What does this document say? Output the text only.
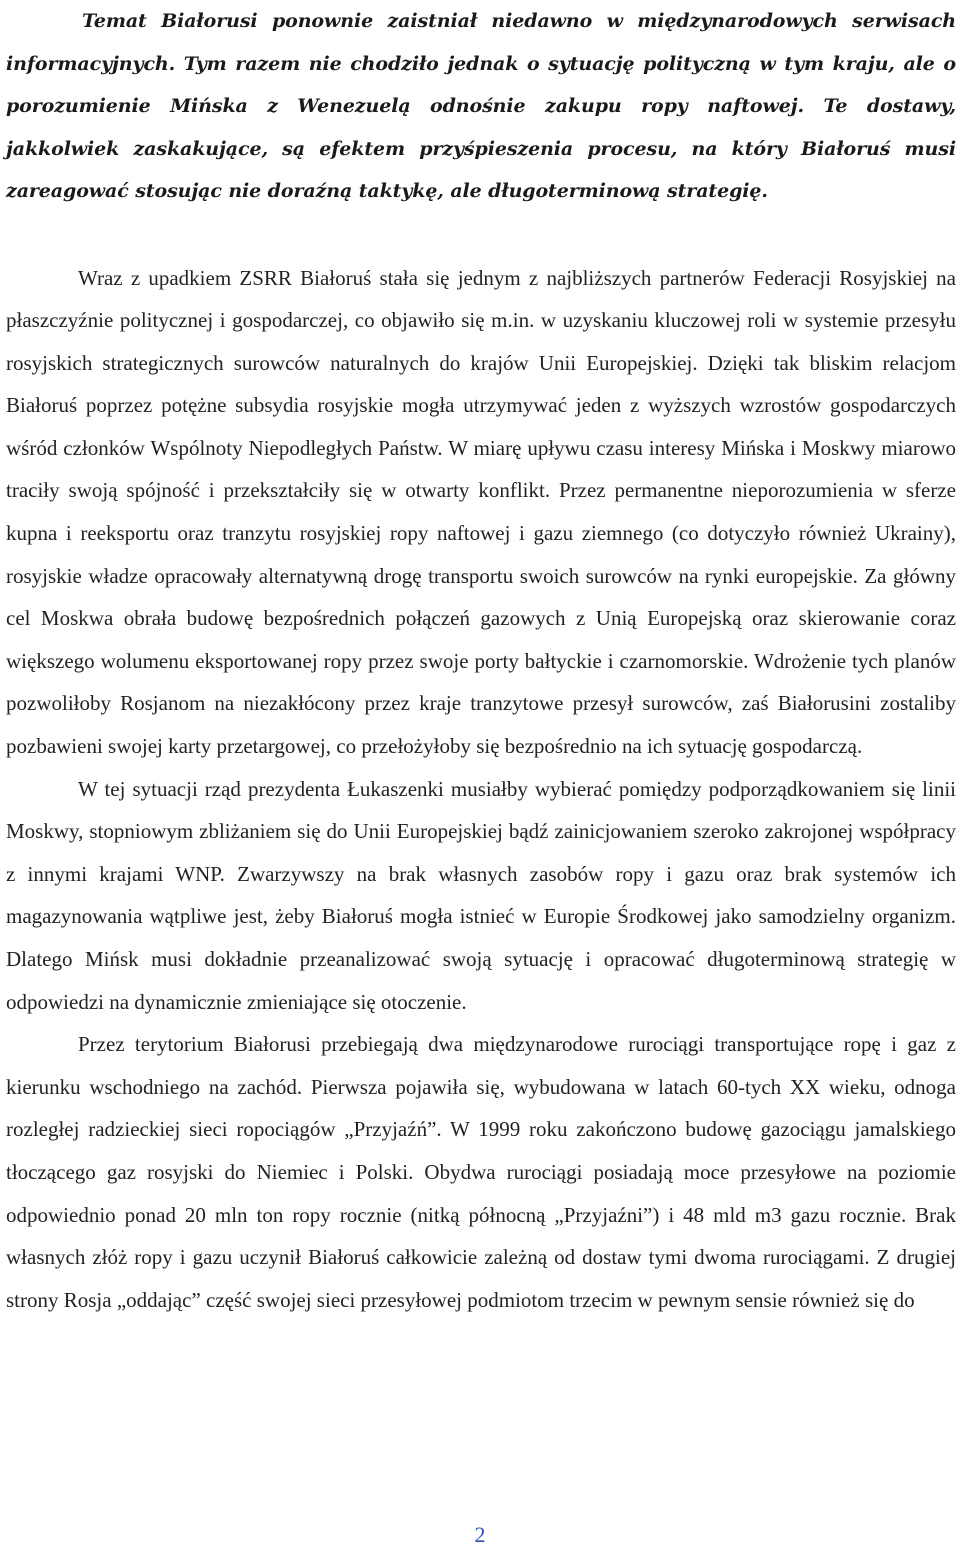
Temat Białorusi ponownie zaistniał niedawno w międzynarodowych serwisach informacyjnych. Tym razem nie chodziło jednak o sytuację polityczną w tym kraju, ale o porozumienie Mińska z Wenezuelą odnośnie zakupu ropy naftowej. Te dostawy, jakkolwiek zaskakujące, są efektem przyśpieszenia procesu, na który Białoruś musi zareagować stosując nie doraźną taktykę, ale długoterminową strategię.

Wraz z upadkiem ZSRR Białoruś stała się jednym z najbliższych partnerów Federacji Rosyjskiej na płaszczyźnie politycznej i gospodarczej, co objawiło się m.in. w uzyskaniu kluczowej roli w systemie przesyłu rosyjskich strategicznych surowców naturalnych do krajów Unii Europejskiej. Dzięki tak bliskim relacjom Białoruś poprzez potężne subsydia rosyjskie mogła utrzymywać jeden z wyższych wzrostów gospodarczych wśród członków Wspólnoty Niepodległych Państw. W miarę upływu czasu interesy Mińska i Moskwy miarowo traciły swoją spójność i przekształciły się w otwarty konflikt. Przez permanentne nieporozumienia w sferze kupna i reeksportu oraz tranzytu rosyjskiej ropy naftowej i gazu ziemnego (co dotyczyło również Ukrainy), rosyjskie władze opracowały alternatywną drogę transportu swoich surowców na rynki europejskie. Za główny cel Moskwa obrała budowę bezpośrednich połączeń gazowych z Unią Europejską oraz skierowanie coraz większego wolumenu eksportowanej ropy przez swoje porty bałtyckie i czarnomorskie. Wdrożenie tych planów pozwoliłoby Rosjanom na niezakłócony przez kraje tranzytowe przesył surowców, zaś Białorusini zostaliby pozbawieni swojej karty przetargowej, co przełożyłoby się bezpośrednio na ich sytuację gospodarczą.

W tej sytuacji rząd prezydenta Łukaszenki musiałby wybierać pomiędzy podporządkowaniem się linii Moskwy, stopniowym zbliżaniem się do Unii Europejskiej bądź zainicjowaniem szeroko zakrojonej współpracy z innymi krajami WNP. Zwarzywszy na brak własnych zasobów ropy i gazu oraz brak systemów ich magazynowania wątpliwe jest, żeby Białoruś mogła istnieć w Europie Środkowej jako samodzielny organizm. Dlatego Mińsk musi dokładnie przeanalizować swoją sytuację i opracować długoterminową strategię w odpowiedzi na dynamicznie zmieniające się otoczenie.

Przez terytorium Białorusi przebiegają dwa międzynarodowe rurociągi transportujące ropę i gaz z kierunku wschodniego na zachód. Pierwsza pojawiła się, wybudowana w latach 60-tych XX wieku, odnoga rozległej radzieckiej sieci ropociągów „Przyjaźń”. W 1999 roku zakończono budowę gazociągu jamalskiego tłoczącego gaz rosyjski do Niemiec i Polski. Obydwa rurociągi posiadają moce przesyłowe na poziomie odpowiednio ponad 20 mln ton ropy rocznie (nitką północną „Przyjaźni”) i 48 mld m3 gazu rocznie. Brak własnych złóż ropy i gazu uczynił Białoruś całkowicie zależną od dostaw tymi dwoma rurociągami. Z drugiej strony Rosja „oddając” część swojej sieci przesyłowej podmiotom trzecim w pewnym sensie również się do

2
